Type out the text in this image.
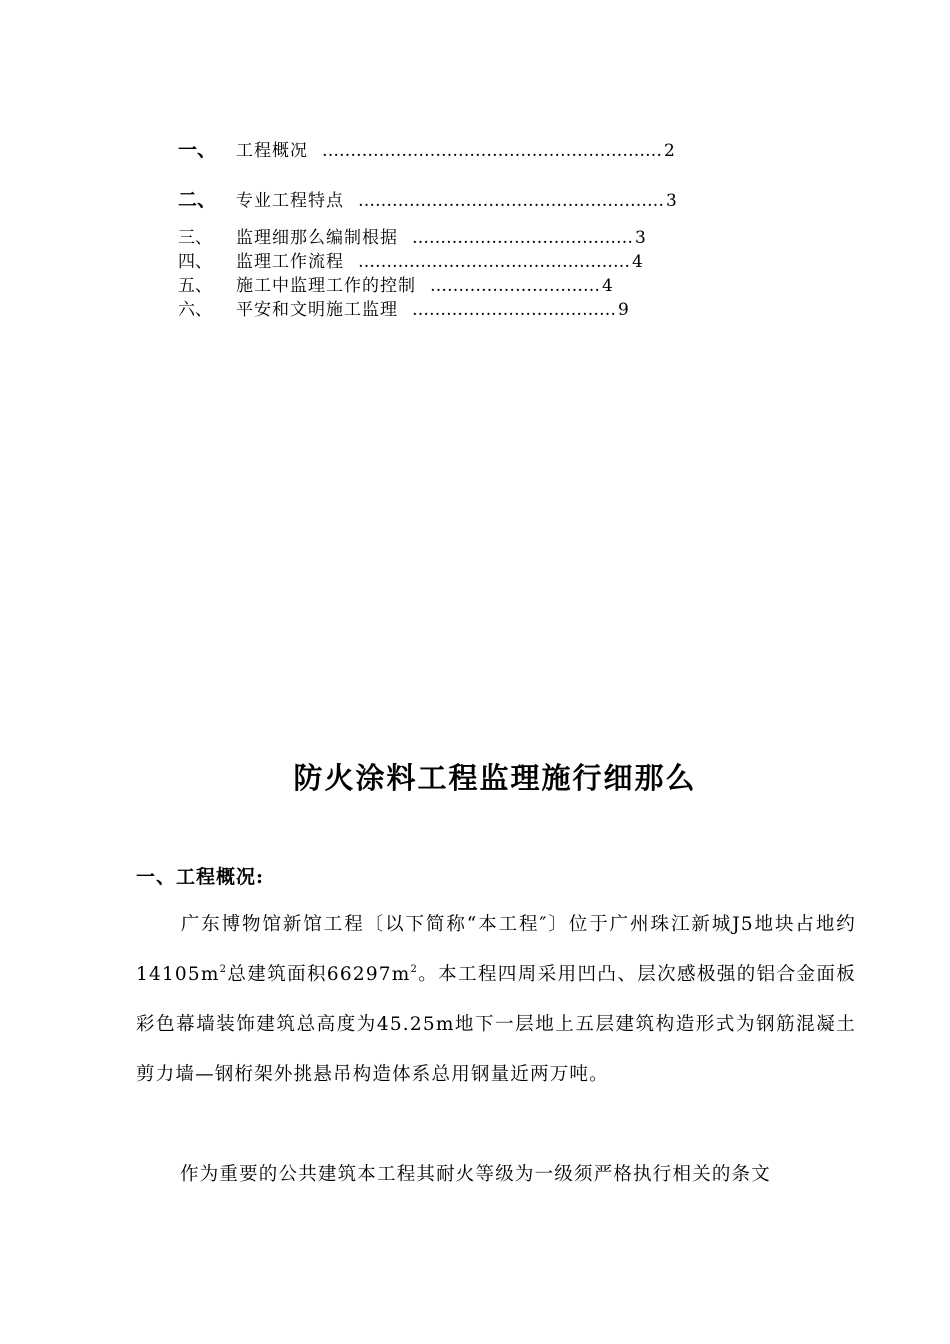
一、	工程概况 …………………………………………………… 2
二、	专业工程特点 ……………………………………………… 3
三、	监理细那么编制根据 ………………………………… 3
四、	监理工作流程 ………………………………………… 4
五、	施工中监理工作的控制 ………………………… 4
六、	平安和文明施工监理 ……………………………… 9
防火涂料工程监理施行细那么
一、工程概况:

广东博物馆新馆工程〔以下简称“本工程″〕位于广州珠江新城J5地块占地约$14105m^2$总建筑面积$66297m^2$。本工程四周采用凹凸、层次感极强的铝合金面板彩色幕墙装饰建筑总高度为45.25m地下一层地上五层建筑构造形式为钢筋混凝土剪力墙—钢桁架外挑悬吊构造体系总用钢量近两万吨。

作为重要的公共建筑本工程其耐火等级为一级须严格执行相关的条文
